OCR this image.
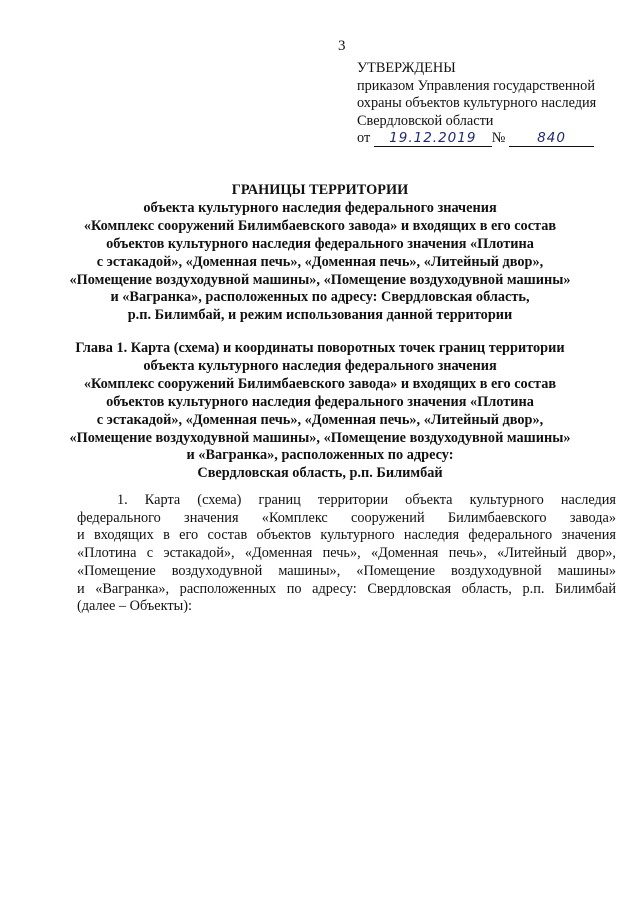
3
УТВЕРЖДЕНЫ
приказом Управления государственной
охраны объектов культурного наследия
Свердловской области
от 19.12.2019 № 840
ГРАНИЦЫ ТЕРРИТОРИИ
объекта культурного наследия федерального значения
«Комплекс сооружений Билимбаевского завода» и входящих в его состав
объектов культурного наследия федерального значения «Плотина
с эстакадой», «Доменная печь», «Доменная печь», «Литейный двор»,
«Помещение воздуходувной машины», «Помещение воздуходувной машины»
и «Вагранка», расположенных по адресу: Свердловская область,
р.п. Билимбай, и режим использования данной территории
Глава 1. Карта (схема) и координаты поворотных точек границ территории
объекта культурного наследия федерального значения
«Комплекс сооружений Билимбаевского завода» и входящих в его состав
объектов культурного наследия федерального значения «Плотина
с эстакадой», «Доменная печь», «Доменная печь», «Литейный двор»,
«Помещение воздуходувной машины», «Помещение воздуходувной машины»
и «Вагранка», расположенных по адресу:
Свердловская область, р.п. Билимбай
1. Карта (схема) границ территории объекта культурного наследия
федерального значения «Комплекс сооружений Билимбаевского завода»
и входящих в его состав объектов культурного наследия федерального значения
«Плотина с эстакадой», «Доменная печь», «Доменная печь», «Литейный двор»,
«Помещение воздуходувной машины», «Помещение воздуходувной машины»
и «Вагранка», расположенных по адресу: Свердловская область, р.п. Билимбай
(далее – Объекты):
